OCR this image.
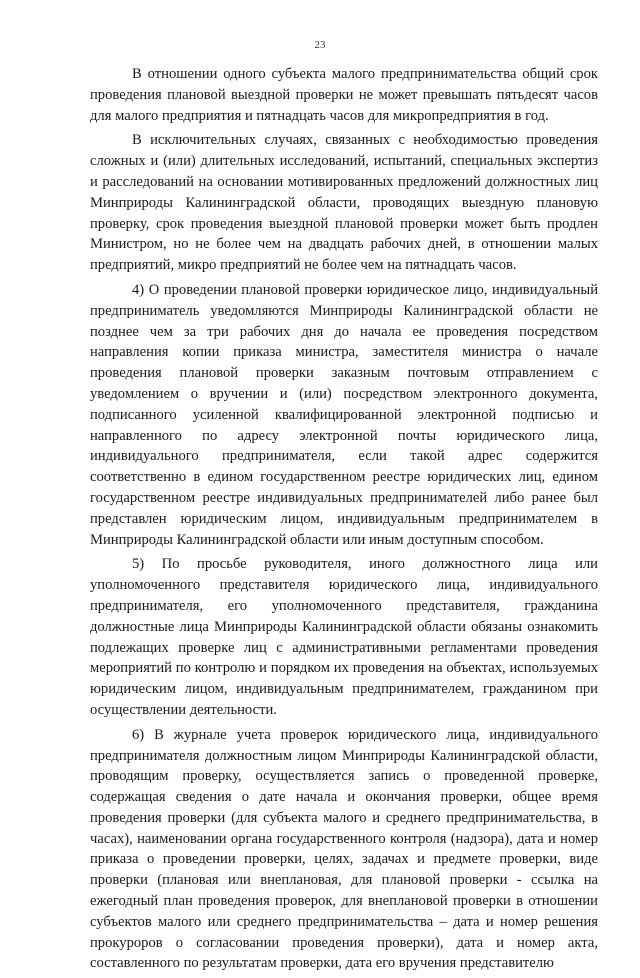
23

В отношении одного субъекта малого предпринимательства общий срок проведения плановой выездной проверки не может превышать пятьдесят часов для малого предприятия и пятнадцать часов для микропредприятия в год.

В исключительных случаях, связанных с необходимостью проведения сложных и (или) длительных исследований, испытаний, специальных экспертиз и расследований на основании мотивированных предложений должностных лиц Минприроды Калининградской области, проводящих выездную плановую проверку, срок проведения выездной плановой проверки может быть продлен Министром, но не более чем на двадцать рабочих дней, в отношении малых предприятий, микро предприятий не более чем на пятнадцать часов.

4) О проведении плановой проверки юридическое лицо, индивидуальный предприниматель уведомляются Минприроды Калининградской области не позднее чем за три рабочих дня до начала ее проведения посредством направления копии приказа министра, заместителя министра о начале проведения плановой проверки заказным почтовым отправлением с уведомлением о вручении и (или) посредством электронного документа, подписанного усиленной квалифицированной электронной подписью и направленного по адресу электронной почты юридического лица, индивидуального предпринимателя, если такой адрес содержится соответственно в едином государственном реестре юридических лиц, едином государственном реестре индивидуальных предпринимателей либо ранее был представлен юридическим лицом, индивидуальным предпринимателем в Минприроды Калининградской области или иным доступным способом.

5) По просьбе руководителя, иного должностного лица или уполномоченного представителя юридического лица, индивидуального предпринимателя, его уполномоченного представителя, гражданина должностные лица Минприроды Калининградской области обязаны ознакомить подлежащих проверке лиц с административными регламентами проведения мероприятий по контролю и порядком их проведения на объектах, используемых юридическим лицом, индивидуальным предпринимателем, гражданином при осуществлении деятельности.

6) В журнале учета проверок юридического лица, индивидуального предпринимателя должностным лицом Минприроды Калининградской области, проводящим проверку, осуществляется запись о проведенной проверке, содержащая сведения о дате начала и окончания проверки, общее время проведения проверки (для субъекта малого и среднего предпринимательства, в часах), наименовании органа государственного контроля (надзора), дата и номер приказа о проведении проверки, целях, задачах и предмете проверки, виде проверки (плановая или внеплановая, для плановой проверки - ссылка на ежегодный план проведения проверок, для внеплановой проверки в отношении субъектов малого или среднего предпринимательства – дата и номер решения прокуроров о согласовании проведения проверки), дата и номер акта, составленного по результатам проверки, дата его вручения представителю
